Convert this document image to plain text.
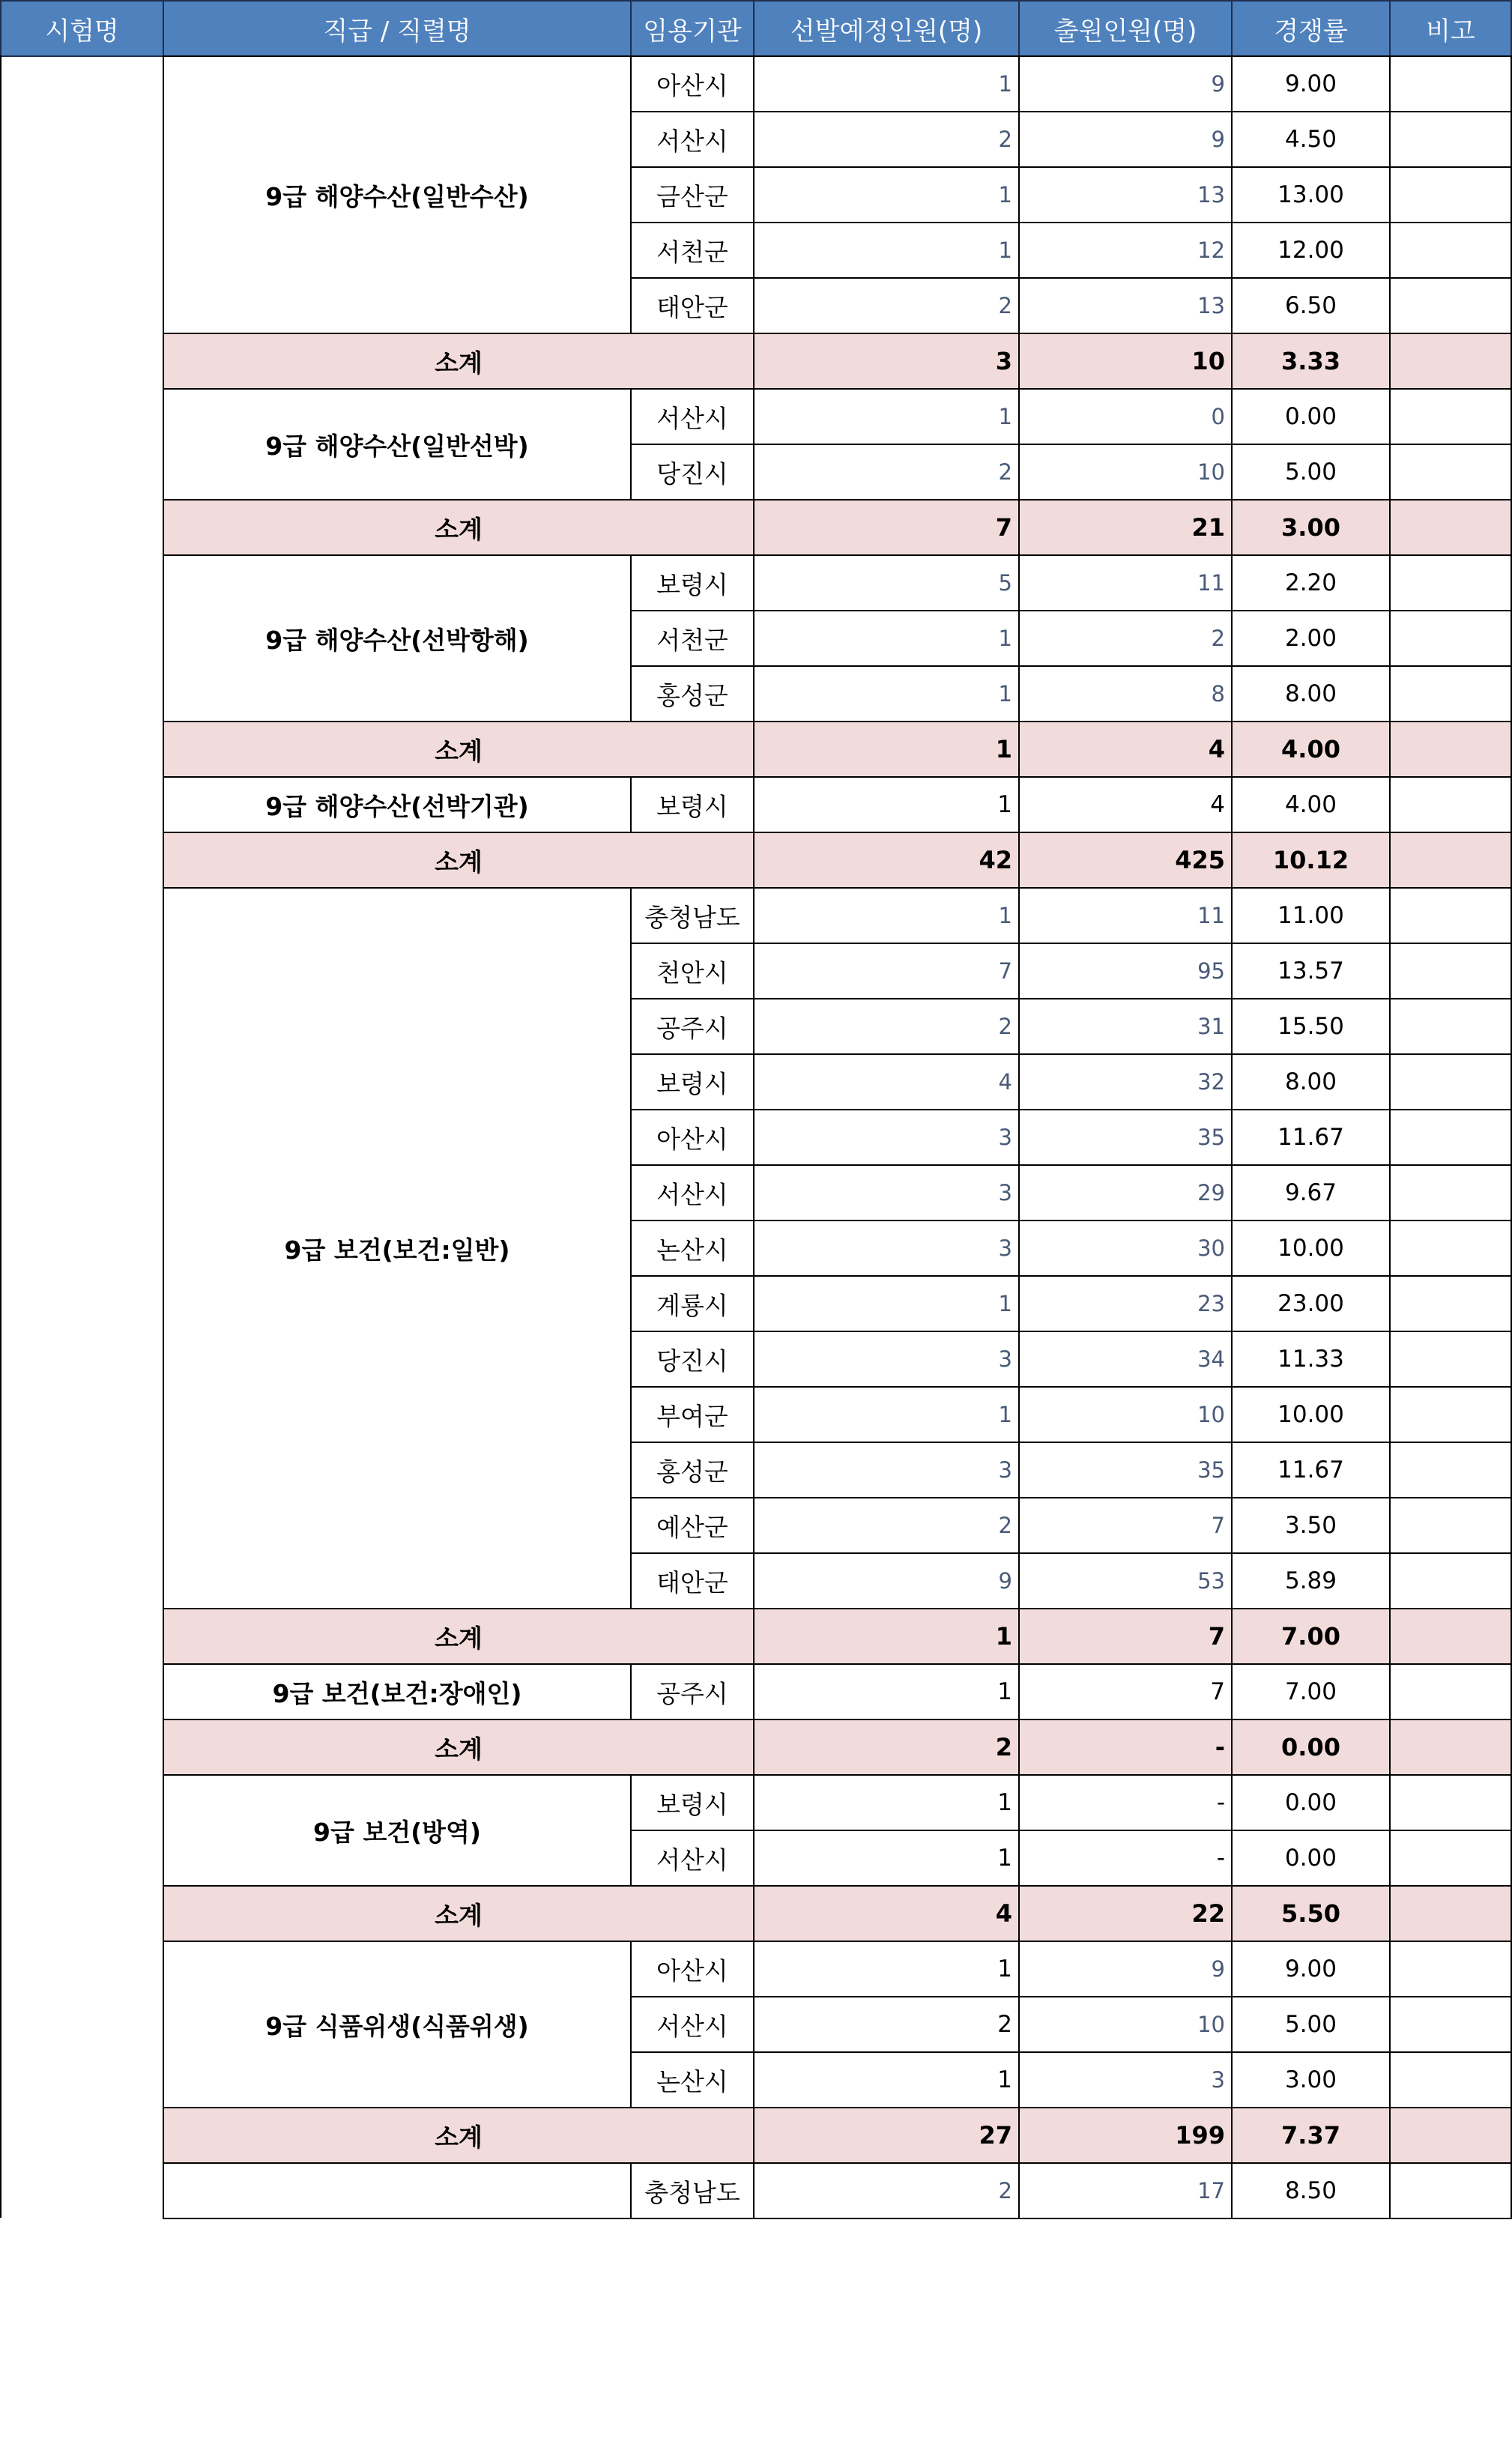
시험명	직급 / 직렬명	임용기관	선발예정인원(명)	출원인원(명)	경쟁률	비고
9급 해양수산(일반수산)
아산시	1	9	9.00
서산시	2	9	4.50
금산군	1	13	13.00
서천군	1	12	12.00
태안군	2	13	6.50
소계	3	10	3.33
9급 해양수산(일반선박)
서산시	1	0	0.00
당진시	2	10	5.00
소계	7	21	3.00
9급 해양수산(선박항해)
보령시	5	11	2.20
서천군	1	2	2.00
홍성군	1	8	8.00
소계	1	4	4.00
9급 해양수산(선박기관)	보령시	1	4	4.00
소계	42	425	10.12
9급 보건(보건:일반)
충청남도	1	11	11.00
천안시	7	95	13.57
공주시	2	31	15.50
보령시	4	32	8.00
아산시	3	35	11.67
서산시	3	29	9.67
논산시	3	30	10.00
계룡시	1	23	23.00
당진시	3	34	11.33
부여군	1	10	10.00
홍성군	3	35	11.67
예산군	2	7	3.50
태안군	9	53	5.89
소계	1	7	7.00
9급 보건(보건:장애인)	공주시	1	7	7.00
소계	2	-	0.00
9급 보건(방역)
보령시	1	-	0.00
서산시	1	-	0.00
소계	4	22	5.50
9급 식품위생(식품위생)
아산시	1	9	9.00
서산시	2	10	5.00
논산시	1	3	3.00
소계	27	199	7.37
충청남도	2	17	8.50
